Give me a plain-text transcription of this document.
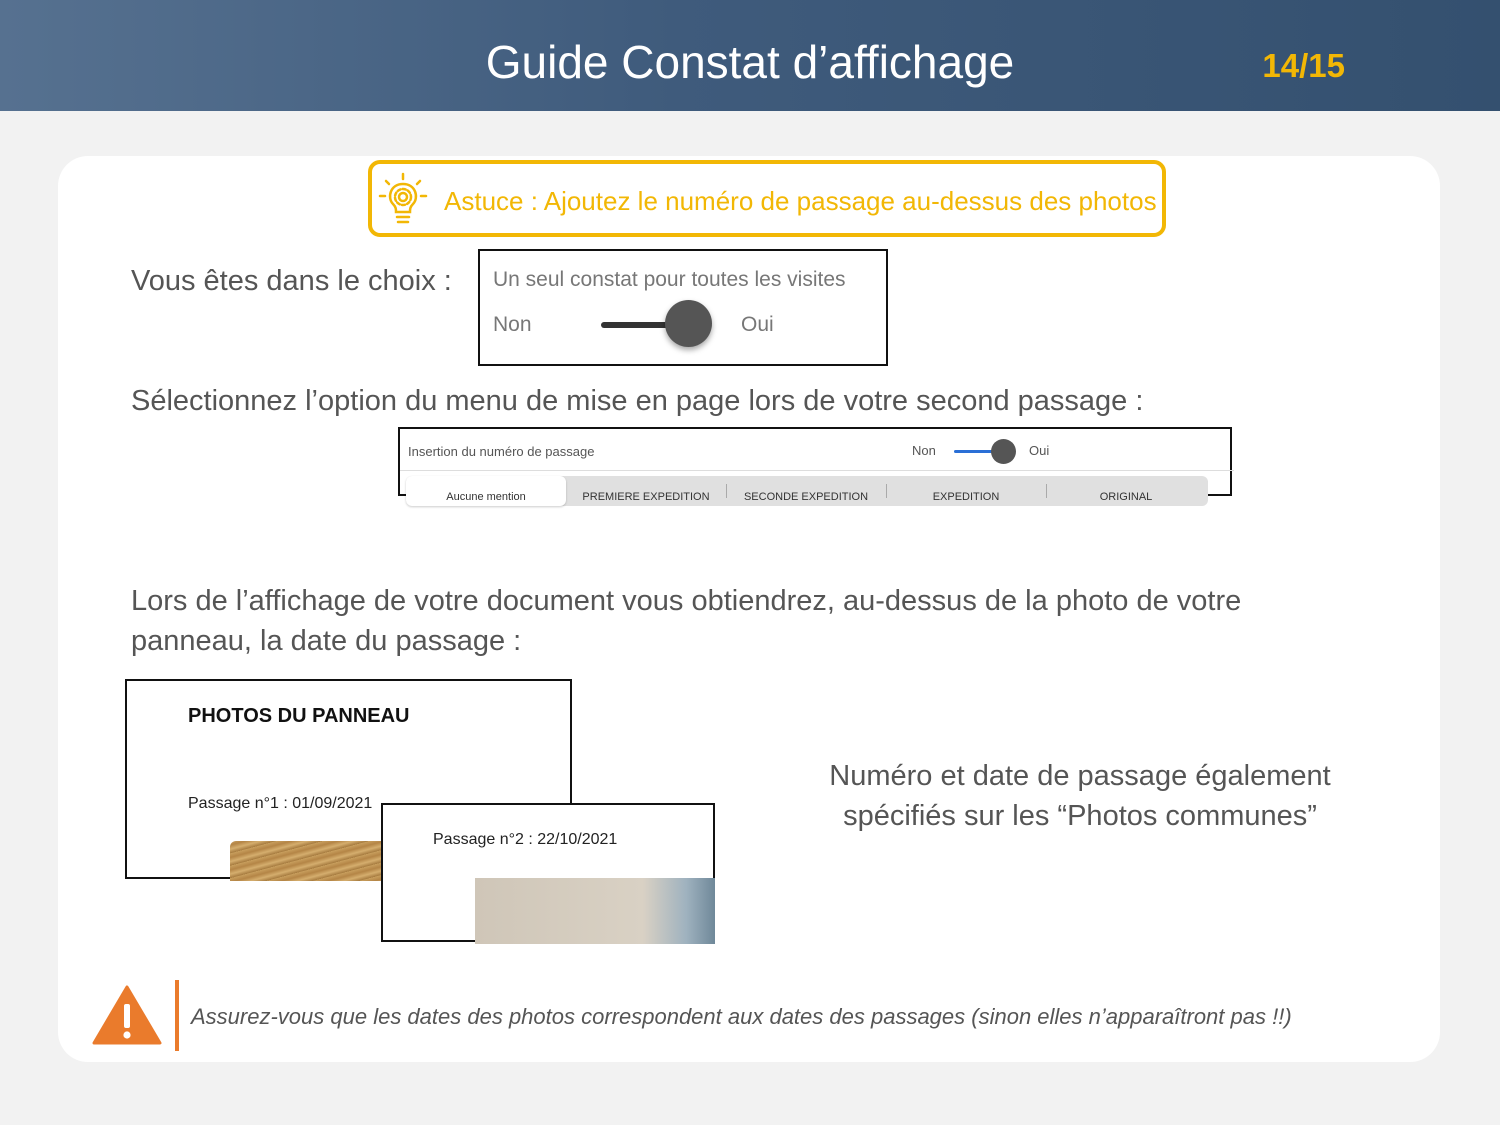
Guide Constat d’affichage	14/15
Astuce : Ajoutez le numéro de passage au-dessus des photos
Vous êtes dans le choix : Un seul constat pour toutes les visites
Non	Oui
Sélectionnez l’option du menu de mise en page lors de votre second passage :
Insertion du numéro de passage	Non	Oui
Aucune mention	PREMIERE EXPEDITION	SECONDE EXPEDITION	EXPEDITION	ORIGINAL
Lors de l’affichage de votre document vous obtiendrez, au-dessus de la photo de votre
panneau, la date du passage :
PHOTOS DU PANNEAU
Passage n°1 : 01/09/2021
Passage n°2 : 22/10/2021
Numéro et date de passage également
spécifiés sur les “Photos communes”
Assurez-vous que les dates des photos correspondent aux dates des passages (sinon elles n’apparaîtront pas !!)
